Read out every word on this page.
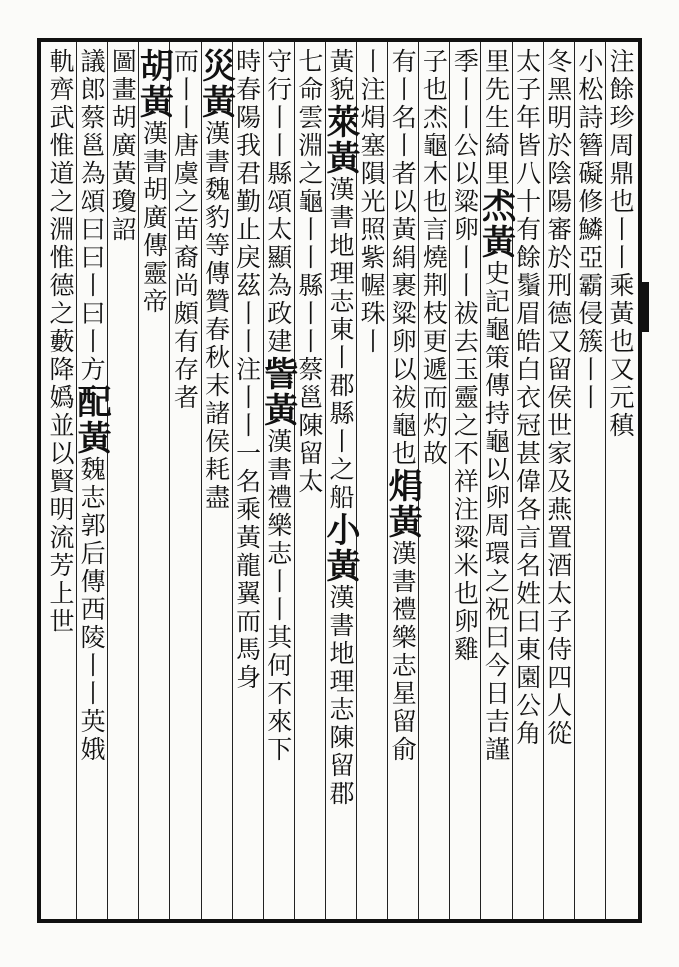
注餘珍周鼎也丨丨乘黃也又元稹
小松詩簪礙修鱗亞霸侵簇丨丨
冬黑明於陰陽審於刑德又留侯世家及燕置酒太子侍四人從
太子年皆八十有餘鬚眉皓白衣冠甚偉各言名姓曰東園公角
里先生綺里𤇍黃史記龜策傳持龜以卵周環之祝曰今日吉謹
季丨丨公以粱卵丨丨祓去玉靈之不祥注粱米也卵雞
子也𤇍龜木也言燒荆枝更遞而灼故
有丨名丨者以黃絹裹粱卵以祓龜也焆黃漢書禮樂志星留俞
丨注焆塞隕光照紫幄珠丨
黃貌萊黃漢書地理志東丨郡縣丨之船小黃漢書地理志陳留郡
七命雲淵之龜丨丨縣丨丨蔡邕陳留太
守行丨丨縣頌太顯為政建訾黃漢書禮樂志丨丨其何不來下
時春陽我君勤止戾茲丨丨注丨丨一名乘黃龍翼而馬身
災黃漢書魏豹等傳贊春秋末諸侯耗盡
而丨丨唐虞之苗裔尚頗有存者
胡黃漢書胡廣傳靈帝
圖畫胡廣黃瓊詔
議郎蔡邕為頌曰曰丨曰丨方配黃魏志郭后傳西陵丨丨英娥
軌齊武惟道之淵惟德之藪降嬀並以賢明流芳上世
